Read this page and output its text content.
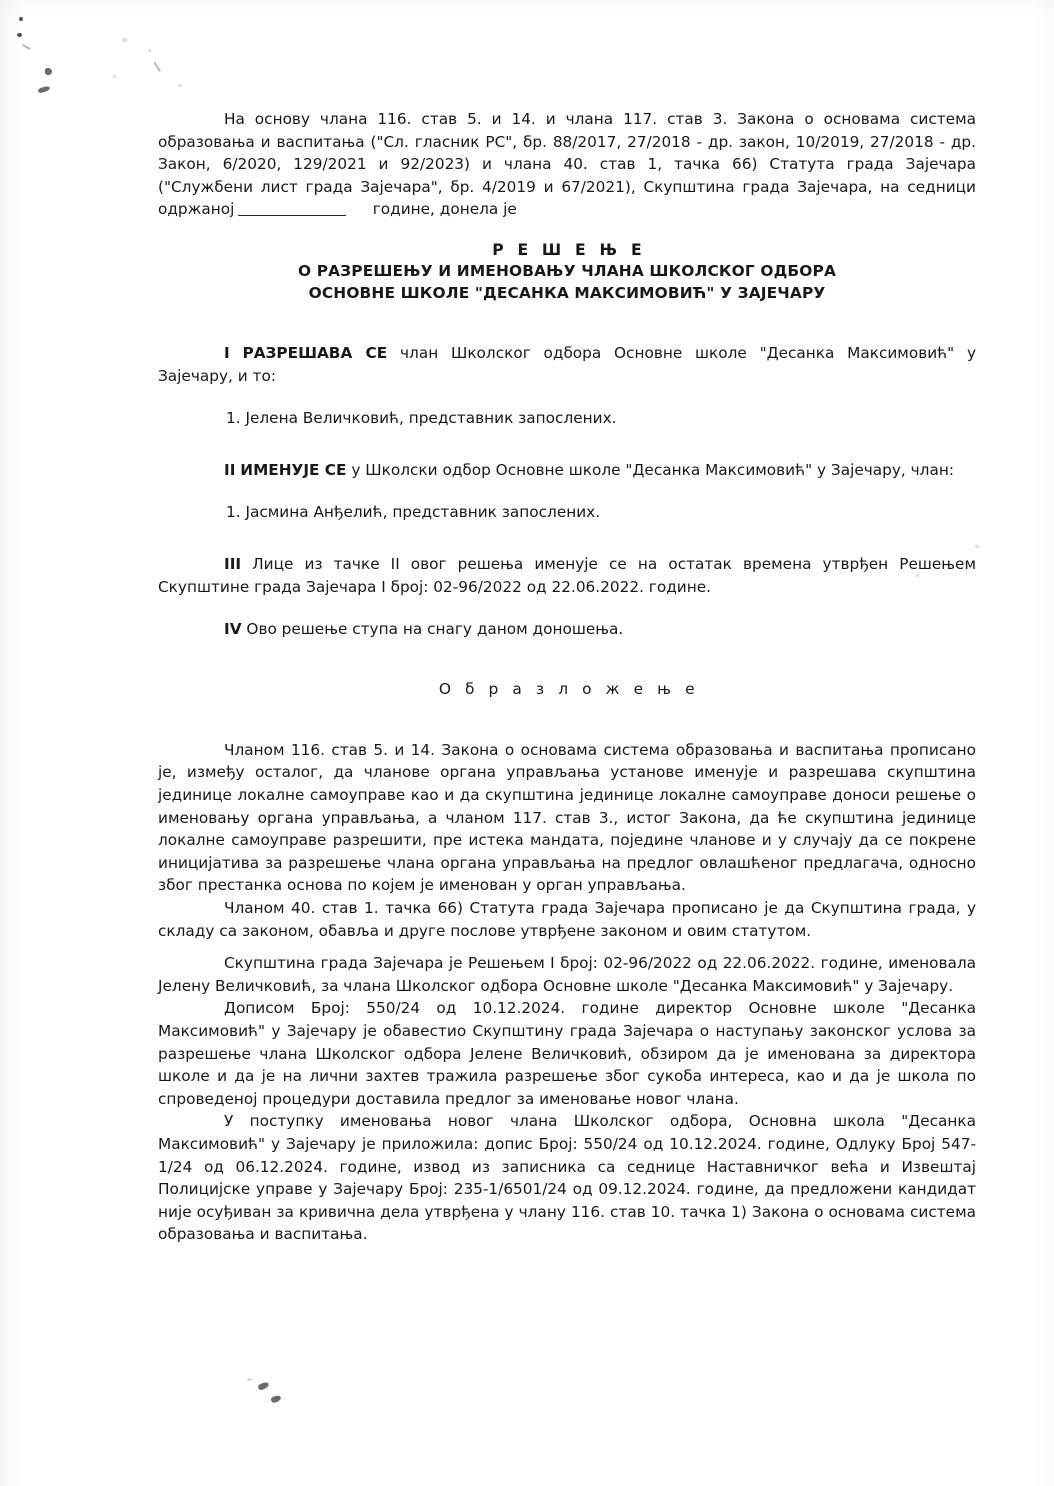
На основу члана 116. став 5. и 14. и члана 117. став 3. Закона о основама система образовања и васпитања ("Сл. гласник РС", бр. 88/2017, 27/2018 - др. закон, 10/2019, 27/2018 - др. Закон, 6/2020, 129/2021 и 92/2023) и члана 40. став 1, тачка 66) Статута града Зајечара ("Службени лист града Зајечара", бр. 4/2019 и 67/2021), Скупштина града Зајечара, на седници одржаној	године, донела је

Р Е Ш Е Њ Е
О РАЗРЕШЕЊУ И ИМЕНОВАЊУ ЧЛАНА ШКОЛСКОГ ОДБОРА
ОСНОВНЕ ШКОЛЕ "ДЕСАНКА МАКСИМОВИЋ" У ЗАЈЕЧАРУ

I РАЗРЕШАВА СЕ члан Школског одбора Основне школе "Десанка Максимовић" у Зајечару, и то:

1. Јелена Величковић, представник запослених.

II ИМЕНУЈЕ СЕ у Школски одбор Основне школе "Десанка Максимовић" у Зајечару, члан:

1. Јасмина Анђелић, представник запослених.

III Лице из тачке II овог решења именује се на остатак времена утврђен Решењем Скупштине града Зајечара I број: 02-96/2022 од 22.06.2022. године.

IV Ово решење ступа на снагу даном доношења.

О б р а з л о ж е њ е

Чланом 116. став 5. и 14. Закона о основама система образовања и васпитања прописано је, између осталог, да чланове органа управљања установе именује и разрешава скупштина јединице локалне самоуправе као и да скупштина јединице локалне самоуправе доноси решење о именовању органа управљања, а чланом 117. став 3., истог Закона, да ће скупштина јединице локалне самоуправе разрешити, пре истека мандата, поједине чланове и у случају да се покрене иницијатива за разрешење члана органа управљања на предлог овлашћеног предлагача, односно због престанка основа по којем је именован у орган управљања.

Чланом 40. став 1. тачка 66) Статута града Зајечара прописано је да Скупштина града, у складу са законом, обавља и друге послове утврђене законом и овим статутом.

Скупштина града Зајечара је Решењем I број: 02-96/2022 од 22.06.2022. године, именовала Јелену Величковић, за члана Школског одбора Основне школе "Десанка Максимовић" у Зајечару.

Дописом Број: 550/24 од 10.12.2024. године директор Основне школе "Десанка Максимовић" у Зајечару је обавестио Скупштину града Зајечара о наступању законског услова за разрешење члана Школског одбора Јелене Величковић, обзиром да је именована за директора школе и да је на лични захтев тражила разрешење због сукоба интереса, као и да је школа по спроведеној процедури доставила предлог за именовање новог члана.

У поступку именовања новог члана Школског одбора, Основна школа "Десанка Максимовић" у Зајечару је приложила: допис Број: 550/24 од 10.12.2024. године, Одлуку Број 547-1/24 од 06.12.2024. године, извод из записника са седнице Наставничког већа и Извештај Полицијске управе у Зајечару Број: 235-1/6501/24 од 09.12.2024. године, да предложени кандидат није осуђиван за кривична дела утврђена у члану 116. став 10. тачка 1) Закона о основама система образовања и васпитања.
